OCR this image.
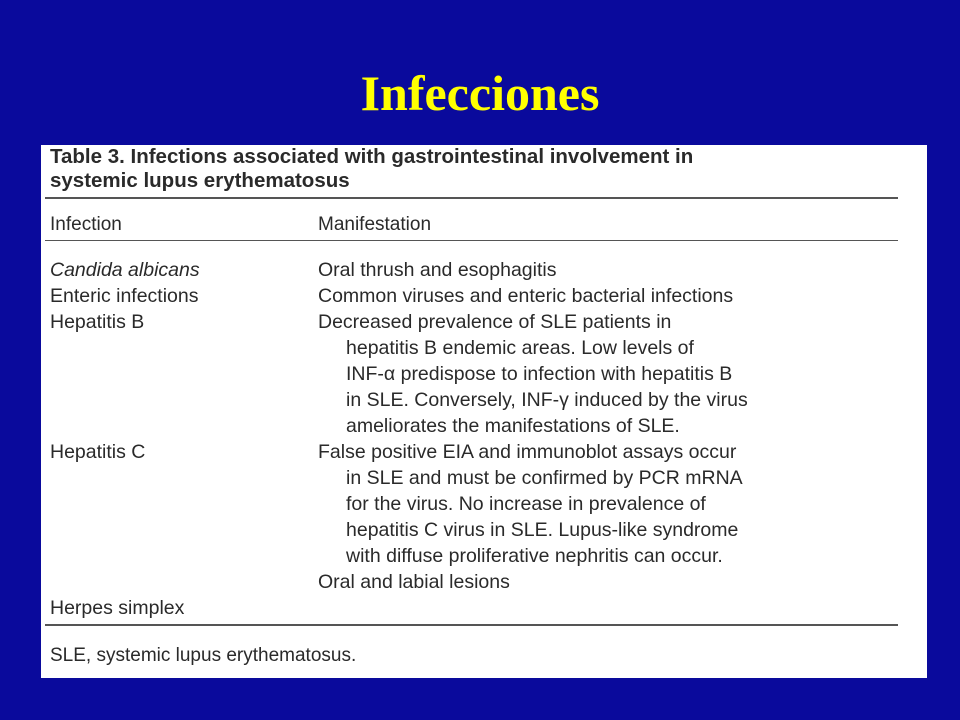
Infecciones
Table 3. Infections associated with gastrointestinal involvement in
systemic lupus erythematosus
Infection	Manifestation
Candida albicans
Enteric infections
Hepatitis B
Hepatitis C
Herpes simplex
Oral thrush and esophagitis
Common viruses and enteric bacterial infections
Decreased prevalence of SLE patients in
hepatitis B endemic areas. Low levels of
INF-α predispose to infection with hepatitis B
in SLE. Conversely, INF-γ induced by the virus
ameliorates the manifestations of SLE.
False positive EIA and immunoblot assays occur
in SLE and must be confirmed by PCR mRNA
for the virus. No increase in prevalence of
hepatitis C virus in SLE. Lupus-like syndrome
with diffuse proliferative nephritis can occur.
Oral and labial lesions
SLE, systemic lupus erythematosus.
